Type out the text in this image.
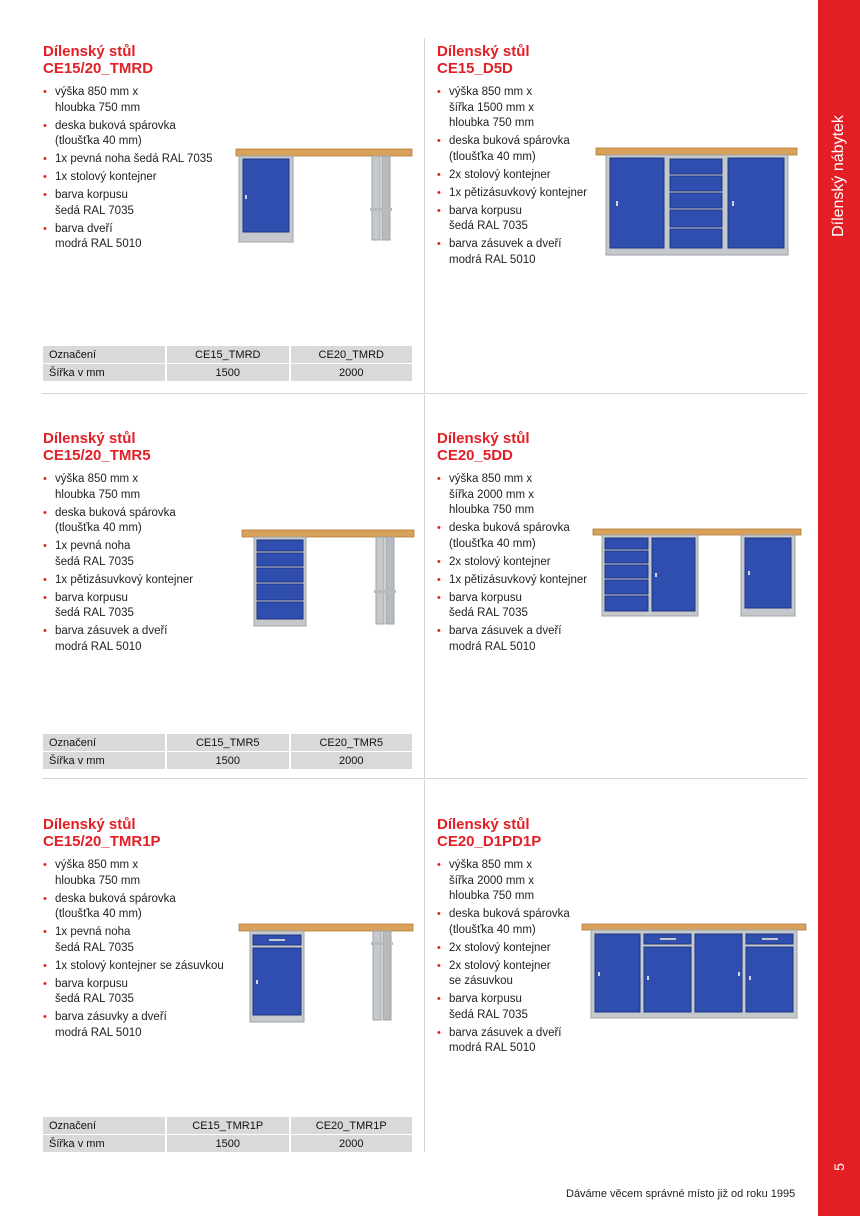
Dílenský nábytek
5
Dílenský stůl
CE15/20_TMRD
• výška 850 mm x
hloubka 750 mm
• deska buková spárovka
(tloušťka 40 mm)
• 1x pevná noha šedá RAL 7035
• 1x stolový kontejner
• barva korpusu
šedá RAL 7035
• barva dveří
modrá RAL 5010
Označení	CE15_TMRD	CE20_TMRD
Šířka v mm	1500	2000
Dílenský stůl
CE15_D5D
• výška 850 mm x
šířka 1500 mm x
hloubka 750 mm
• deska buková spárovka
(tloušťka 40 mm)
• 2x stolový kontejner
• 1x pětizásuvkový kontejner
• barva korpusu
šedá RAL 7035
• barva zásuvek a dveří
modrá RAL 5010
Dílenský stůl
CE15/20_TMR5
• výška 850 mm x
hloubka 750 mm
• deska buková spárovka
(tloušťka 40 mm)
• 1x pevná noha
šedá RAL 7035
• 1x pětizásuvkový kontejner
• barva korpusu
šedá RAL 7035
• barva zásuvek a dveří
modrá RAL 5010
Označení	CE15_TMR5	CE20_TMR5
Šířka v mm	1500	2000
Dílenský stůl
CE20_5DD
• výška 850 mm x
šířka 2000 mm x
hloubka 750 mm
• deska buková spárovka
(tloušťka 40 mm)
• 2x stolový kontejner
• 1x pětizásuvkový kontejner
• barva korpusu
šedá RAL 7035
• barva zásuvek a dveří
modrá RAL 5010
Dílenský stůl
CE15/20_TMR1P
• výška 850 mm x
hloubka 750 mm
• deska buková spárovka
(tloušťka 40 mm)
• 1x pevná noha
šedá RAL 7035
• 1x stolový kontejner se zásuvkou
• barva korpusu
šedá RAL 7035
• barva zásuvky a dveří
modrá RAL 5010
Označení	CE15_TMR1P	CE20_TMR1P
Šířka v mm	1500	2000
Dílenský stůl
CE20_D1PD1P
• výška 850 mm x
šířka 2000 mm x
hloubka 750 mm
• deska buková spárovka
(tloušťka 40 mm)
• 2x stolový kontejner
• 2x stolový kontejner
se zásuvkou
• barva korpusu
šedá RAL 7035
• barva zásuvek a dveří
modrá RAL 5010
Dáváme věcem správné místo již od roku 1995
